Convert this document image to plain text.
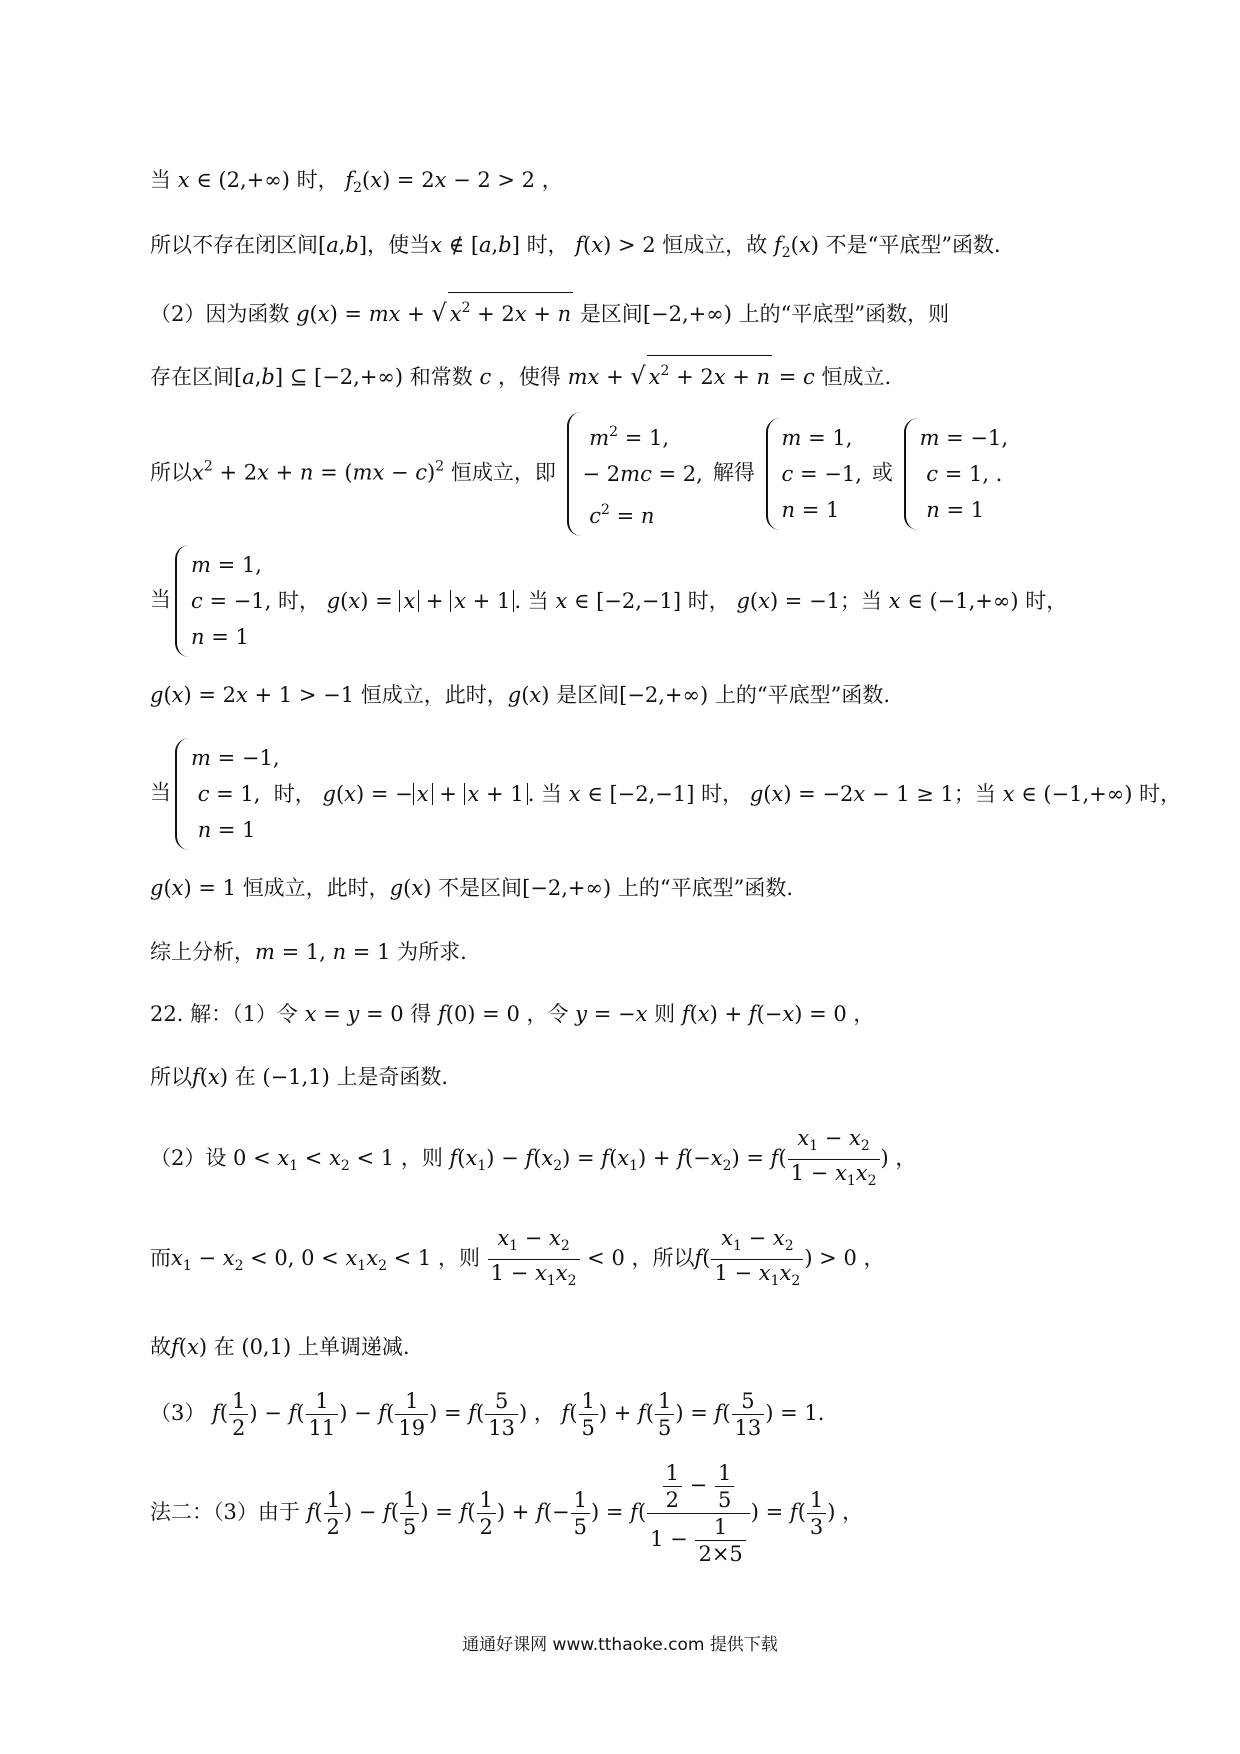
当 x ∈ (2,+∞) 时， $f_2(x) = 2x - 2 > 2$ ，
所以不存在闭区间[a,b]，使当x ∉ [a,b] 时， f(x) > 2 恒成立，故 $f_2(x)$ 不是“平底型”函数.
（2）因为函数 g(x) = mx + √ $x^2 + 2x + n$ 是区间[−2,+∞) 上的“平底型”函数，则
存在区间[a,b] ⊆ [−2,+∞) 和常数 c ，使得 mx + √ $x^2 + 2x + n = c$ 恒成立.
所以$x^2 + 2x + n = (mx - c)^2$ 恒成立，即
$m^2 = 1$,
− 2mc = 2,
$c^2 = n$
解得
m = 1,
c = −1,
n = 1
或
m = −1,
c = 1, .
n = 1
当
m = 1,
c = −1, 时， g(x) = x + x + 1 . 当 x ∈ [−2,−1] 时， g(x) = −1；当 x ∈ (−1,+∞) 时，
n = 1
g(x) = 2x + 1 > −1 恒成立，此时，g(x) 是区间[−2,+∞) 上的“平底型”函数.
当
m = −1,
c = 1,  时， g(x) = − x + x + 1 . 当 x ∈ [−2,−1] 时， g(x) = −2x − 1 ≥ 1；当 x ∈ (−1,+∞) 时，
n = 1
g(x) = 1 恒成立，此时，g(x) 不是区间[−2,+∞) 上的“平底型”函数.
综上分析，m = 1, n = 1 为所求.
22. 解：（1）令 x = y = 0 得 f(0) = 0 ，令 y = −x 则 f(x) + f(−x) = 0 ，
所以f(x) 在 (−1,1) 上是奇函数.
（2）设 $0 < x_1 < x_2 < 1$ ，则 $f(x_1) - f(x_2) = f(x_1) + f(-x_2) = f( \frac{x_1 - x_2}{1 - x_1x_2}$ ) ，
而$x_1 - x_2 < 0$, $0 < x_1x_2 < 1$ ，则 $\frac{x_1 - x_2}{1 - x_1x_2} < 0$ ，所以$f( \frac{x_1 - x_2}{1 - x_1x_2}$ ) > 0 ，
故f(x) 在 (0,1) 上单调递减.
（3） $f( \frac{1}{2}$ ) − $f( \frac{1}{11}$ ) − $f( \frac{1}{19}$ ) = $f( \frac{5}{13}$ ) ， $f( \frac{1}{5}$ ) + $f( \frac{1}{5}$ ) = $f( \frac{5}{13}$ ) = 1.
法二：（3）由于 $f( \frac{1}{2}$ ) − $f( \frac{1}{5}$ ) = $f( \frac{1}{2}$ ) + $f(- \frac{1}{5}$ ) = $f( \frac{\frac{1}{2} - \frac{1}{5}}{1 - \frac{1}{2\times 5}}$ ) = $f( \frac{1}{3}$ ) ，
通通好课网 www.tthaoke.com 提供下载
